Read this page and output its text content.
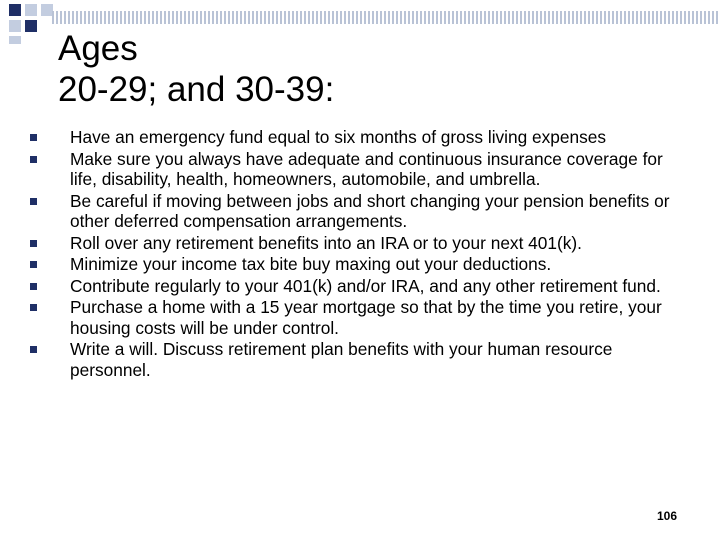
Ages
20-29; and 30-39:
Have an emergency fund equal to six months of gross living expenses
Make sure you always have adequate and continuous insurance coverage for life, disability, health, homeowners, automobile, and umbrella.
Be careful if moving between jobs and short changing your pension benefits or other deferred compensation arrangements.
Roll over any retirement benefits into an IRA or to your next 401(k).
Minimize your income tax bite buy maxing out your deductions.
Contribute regularly to your 401(k) and/or IRA, and any other retirement fund.
Purchase a home with a 15 year mortgage so that by the time you retire, your housing costs will be under control.
Write a will. Discuss retirement plan benefits with your human resource personnel.
106
